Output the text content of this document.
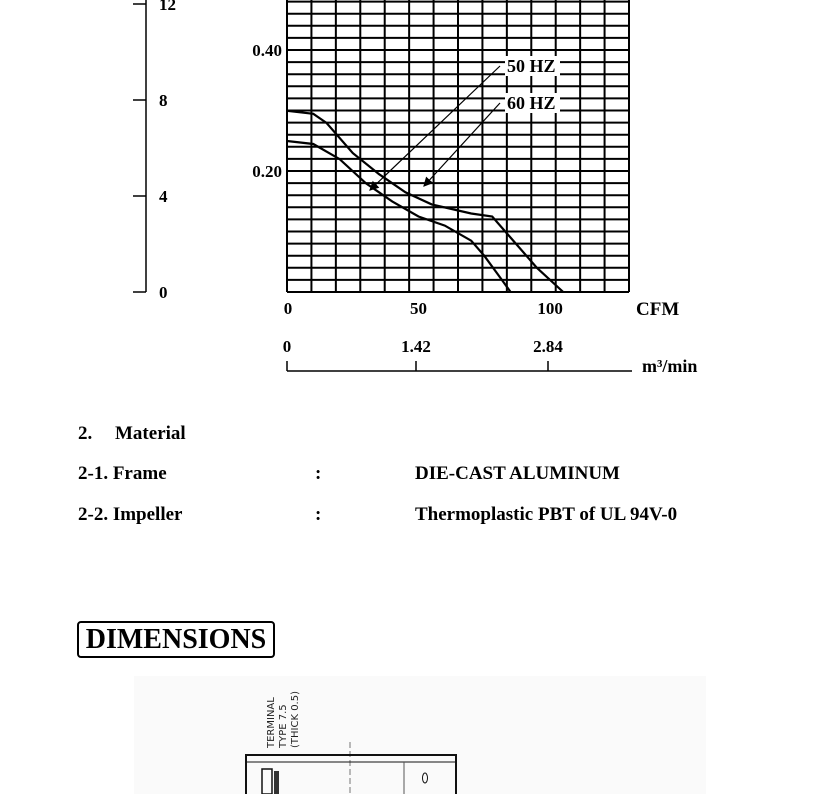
0
4
8
12
50 HZ
60 HZ
0.40
0.20
0	50	100	CFM
0	1.42	2.84
m³/min
2. Material
2-1. Frame	:	DIE-CAST ALUMINUM
2-2. Impeller	:	Thermoplastic PBT of UL 94V-0
DIMENSIONS
TERMINAL TYPE 7.5 (THICK 0.5)
